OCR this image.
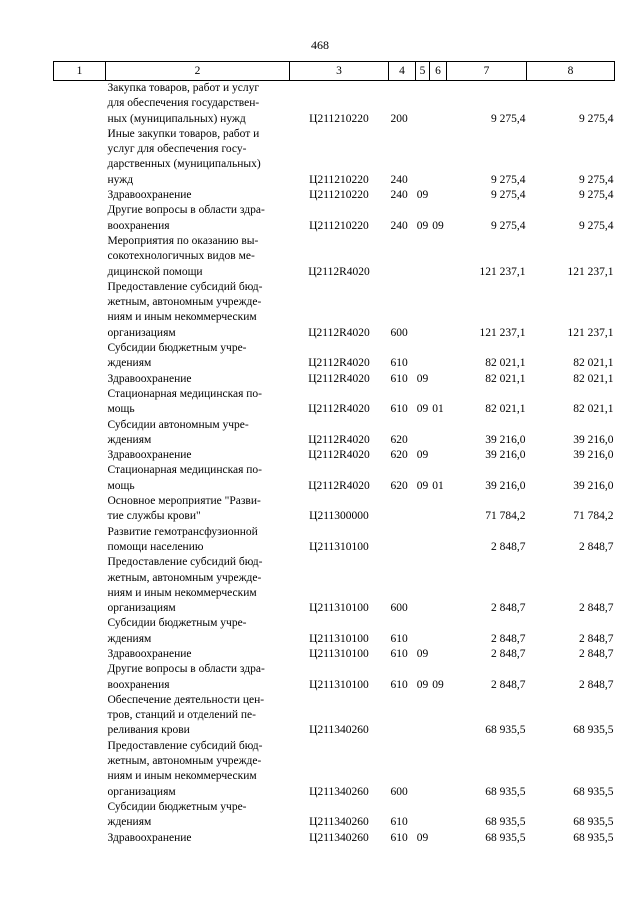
468
1	2	3	4	5	6	7	8

	Закупка товаров, работ и услуг
для обеспечения государствен-
ных (муниципальных) нужд	Ц211210220	200			9 275,4	9 275,4

	Иные закупки товаров, работ и
услуг для обеспечения госу-
дарственных (муниципальных)
нужд	Ц211210220	240			9 275,4	9 275,4

	Здравоохранение	Ц211210220	240	09		9 275,4	9 275,4

	Другие вопросы в области здра-
воохранения	Ц211210220	240	09	09	9 275,4	9 275,4

	Мероприятия по оказанию вы-
сокотехнологичных видов ме-
дицинской помощи	Ц2112R4020				121 237,1	121 237,1

	Предоставление субсидий бюд-
жетным, автономным учрежде-
ниям и иным некоммерческим
организациям	Ц2112R4020	600			121 237,1	121 237,1

	Субсидии бюджетным учре-
ждениям	Ц2112R4020	610			82 021,1	82 021,1

	Здравоохранение	Ц2112R4020	610	09		82 021,1	82 021,1

	Стационарная медицинская по-
мощь	Ц2112R4020	610	09	01	82 021,1	82 021,1

	Субсидии автономным учре-
ждениям	Ц2112R4020	620			39 216,0	39 216,0

	Здравоохранение	Ц2112R4020	620	09		39 216,0	39 216,0

	Стационарная медицинская по-
мощь	Ц2112R4020	620	09	01	39 216,0	39 216,0

	Основное мероприятие "Разви-
тие службы крови"	Ц211300000				71 784,2	71 784,2

	Развитие гемотрансфузионной
помощи населению	Ц211310100				2 848,7	2 848,7

	Предоставление субсидий бюд-
жетным, автономным учрежде-
ниям и иным некоммерческим
организациям	Ц211310100	600			2 848,7	2 848,7

	Субсидии бюджетным учре-
ждениям	Ц211310100	610			2 848,7	2 848,7

	Здравоохранение	Ц211310100	610	09		2 848,7	2 848,7

	Другие вопросы в области здра-
воохранения	Ц211310100	610	09	09	2 848,7	2 848,7

	Обеспечение деятельности цен-
тров, станций и отделений пе-
реливания крови	Ц211340260				68 935,5	68 935,5

	Предоставление субсидий бюд-
жетным, автономным учрежде-
ниям и иным некоммерческим
организациям	Ц211340260	600			68 935,5	68 935,5

	Субсидии бюджетным учре-
ждениям	Ц211340260	610			68 935,5	68 935,5

	Здравоохранение	Ц211340260	610	09		68 935,5	68 935,5
